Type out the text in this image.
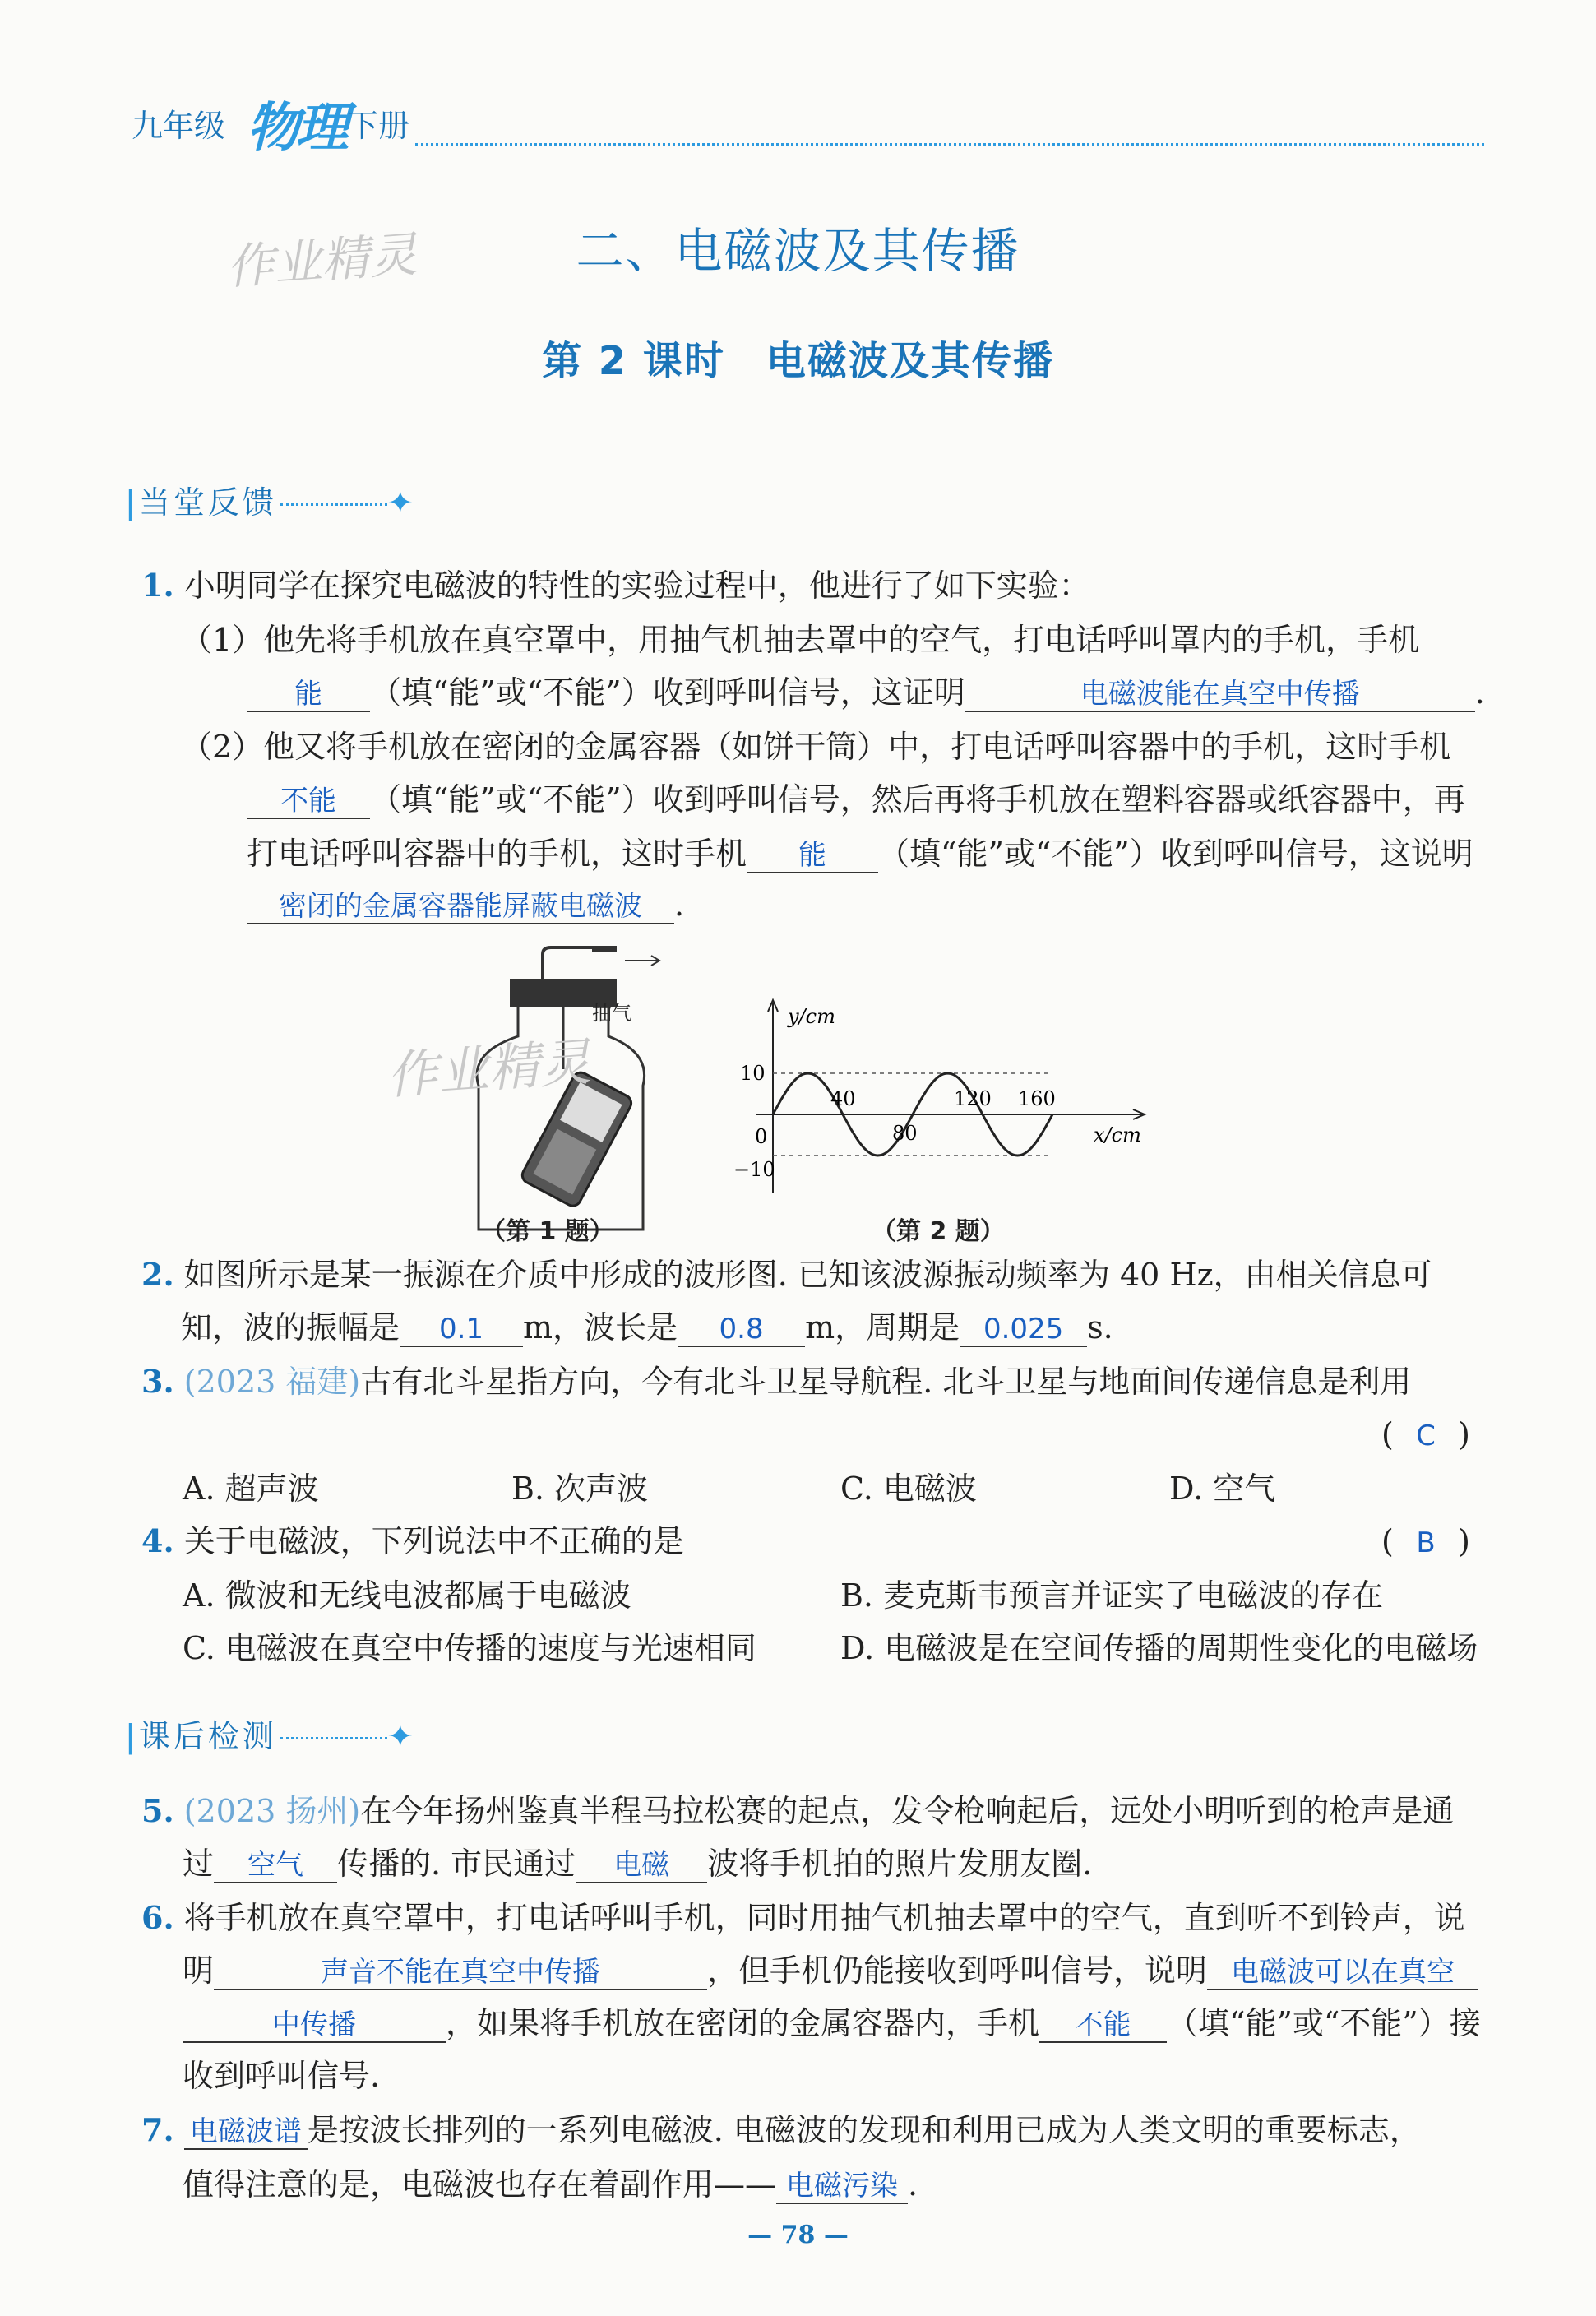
九年级 物理 下册
作业精灵	二、电磁波及其传播
第 2 课时　电磁波及其传播
|当堂反馈	✦
1. 小明同学在探究电磁波的特性的实验过程中，他进行了如下实验：
（1）他先将手机放在真空罩中，用抽气机抽去罩中的空气，打电话呼叫罩内的手机，手机
能 （填“能”或“不能”）收到呼叫信号，这证明	电磁波能在真空中传播	.
（2）他又将手机放在密闭的金属容器（如饼干筒）中，打电话呼叫容器中的手机，这时手机
不能 （填“能”或“不能”）收到呼叫信号，然后再将手机放在塑料容器或纸容器中，再
打电话呼叫容器中的手机，这时手机 能 （填“能”或“不能”）收到呼叫信号，这说明
密闭的金属容器能屏蔽电磁波 .
抽气
作业精灵
（第 1 题）
y/cm
x/cm
10
−10
0
40
80
120 160
（第 2 题）
2. 如图所示是某一振源在介质中形成的波形图. 已知该波源振动频率为 40 Hz，由相关信息可
知，波的振幅是 0.1 m，波长是 0.8 m，周期是 0.025 s.
3. (2023 福建)古有北斗星指方向，今有北斗卫星导航程. 北斗卫星与地面间传递信息是利用
(  C  )
A. 超声波	B. 次声波	C. 电磁波	D. 空气
4. 关于电磁波，下列说法中不正确的是	(  B  )
A. 微波和无线电波都属于电磁波	B. 麦克斯韦预言并证实了电磁波的存在
C. 电磁波在真空中传播的速度与光速相同	D. 电磁波是在空间传播的周期性变化的电磁场
|课后检测	✦
5. (2023 扬州)在今年扬州鉴真半程马拉松赛的起点，发令枪响起后，远处小明听到的枪声是通
过 空气 传播的. 市民通过 电磁 波将手机拍的照片发朋友圈.
6. 将手机放在真空罩中，打电话呼叫手机，同时用抽气机抽去罩中的空气，直到听不到铃声，说
明	声音不能在真空中传播	，但手机仍能接收到呼叫信号，说明 电磁波可以在真空
中传播	，如果将手机放在密闭的金属容器内，手机 不能 （填“能”或“不能”）接
收到呼叫信号.
7. 电磁波谱 是按波长排列的一系列电磁波. 电磁波的发现和利用已成为人类文明的重要标志，
值得注意的是，电磁波也存在着副作用—— 电磁污染 .
— 78 —
